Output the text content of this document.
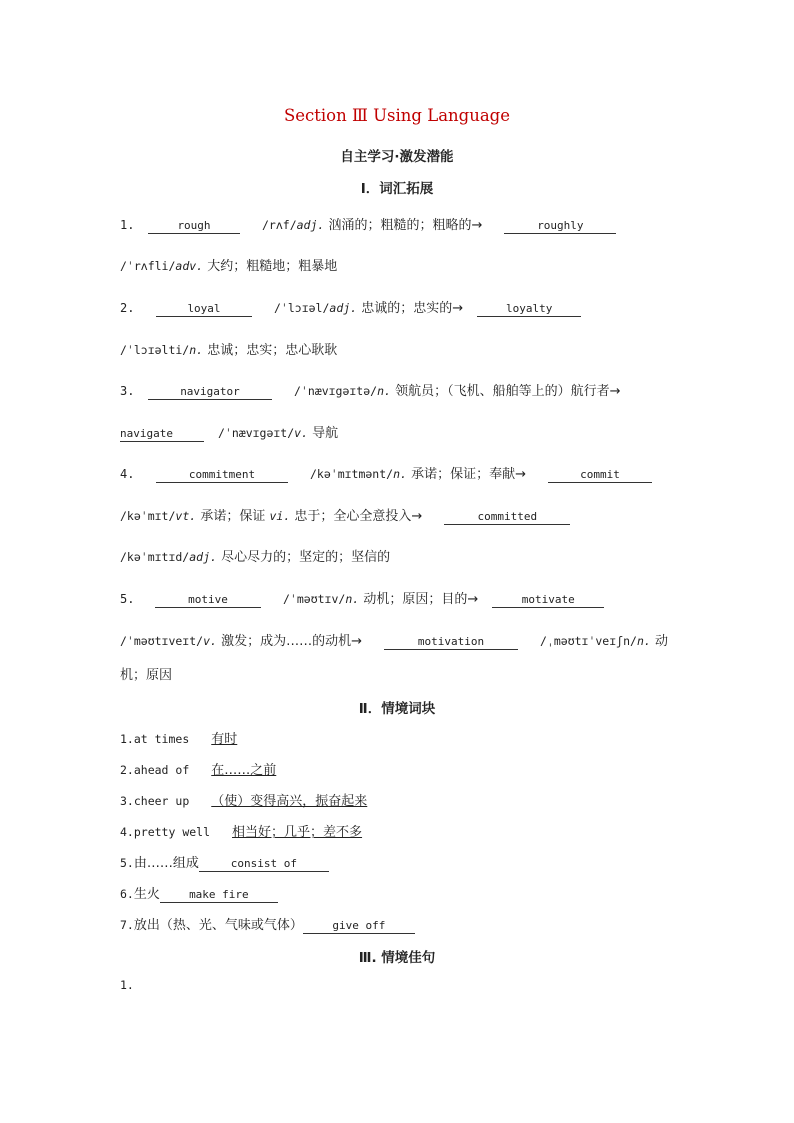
Section Ⅲ Using Language
自主学习·激发潜能
Ⅰ．词汇拓展
1.	rough	/rʌf/adj. 汹涌的；粗糙的；粗略的→	roughly
/ˈrʌfli/adv. 大约；粗糙地；粗暴地
2.	loyal	/ˈlɔɪəl/adj. 忠诚的；忠实的→	loyalty
/ˈlɔɪəlti/n. 忠诚；忠实；忠心耿耿
3.	navigator	/ˈnævɪgəɪtə/n. 领航员；（飞机、船舶等上的）航行者→
navigate	/ˈnævɪgəɪt/v. 导航
4.	commitment	/kəˈmɪtmənt/n. 承诺；保证；奉献→	commit
/kəˈmɪt/vt. 承诺；保证 vi. 忠于；全心全意投入→	committed
/kəˈmɪtɪd/adj. 尽心尽力的；坚定的；坚信的
5.	motive	/ˈməʊtɪv/n. 动机；原因；目的→	motivate
/ˈməʊtɪveɪt/v. 激发；成为……的动机→	motivation	/ˌməʊtɪˈveɪʃn/n. 动
机；原因
Ⅱ．情境词块
1.at times 有时
2.ahead of 在……之前
3.cheer up （使）变得高兴，振奋起来
4.pretty well 相当好；几乎；差不多
5.由……组成	consist of
6.生火	make fire
7.放出（热、光、气味或气体）	give off
Ⅲ. 情境佳句
1.
